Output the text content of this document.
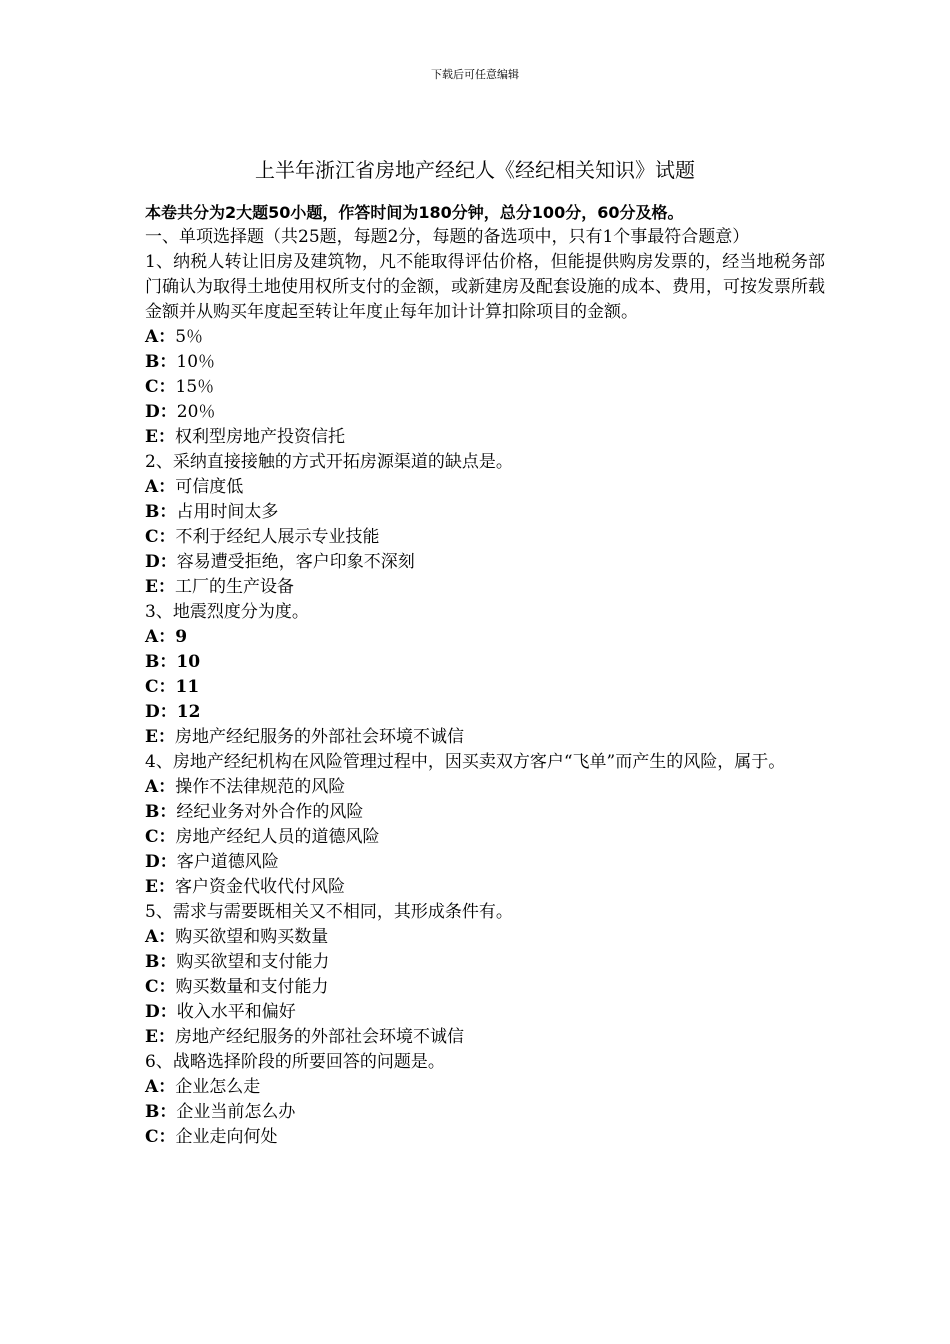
下载后可任意编辑
上半年浙江省房地产经纪人《经纪相关知识》试题

本卷共分为2大题50小题，作答时间为180分钟，总分100分，60分及格。

一、单项选择题（共25题，每题2分，每题的备选项中，只有1个事最符合题意）

1、纳税人转让旧房及建筑物，凡不能取得评估价格，但能提供购房发票的，经当地税务部门确认为取得土地使用权所支付的金额，或新建房及配套设施的成本、费用，可按发票所载金额并从购买年度起至转让年度止每年加计计算扣除项目的金额。

A：5％

B：10％

C：15％

D：20％

E：权利型房地产投资信托

2、采纳直接接触的方式开拓房源渠道的缺点是。

A：可信度低

B：占用时间太多

C：不利于经纪人展示专业技能

D：容易遭受拒绝，客户印象不深刻

E：工厂的生产设备

3、地震烈度分为度。

A：9

B：10

C：11

D：12

E：房地产经纪服务的外部社会环境不诚信

4、房地产经纪机构在风险管理过程中，因买卖双方客户“飞单”而产生的风险，属于。

A：操作不法律规范的风险

B：经纪业务对外合作的风险

C：房地产经纪人员的道德风险

D：客户道德风险

E：客户资金代收代付风险

5、需求与需要既相关又不相同，其形成条件有。

A：购买欲望和购买数量

B：购买欲望和支付能力

C：购买数量和支付能力

D：收入水平和偏好

E：房地产经纪服务的外部社会环境不诚信

6、战略选择阶段的所要回答的问题是。

A：企业怎么走

B：企业当前怎么办

C：企业走向何处
